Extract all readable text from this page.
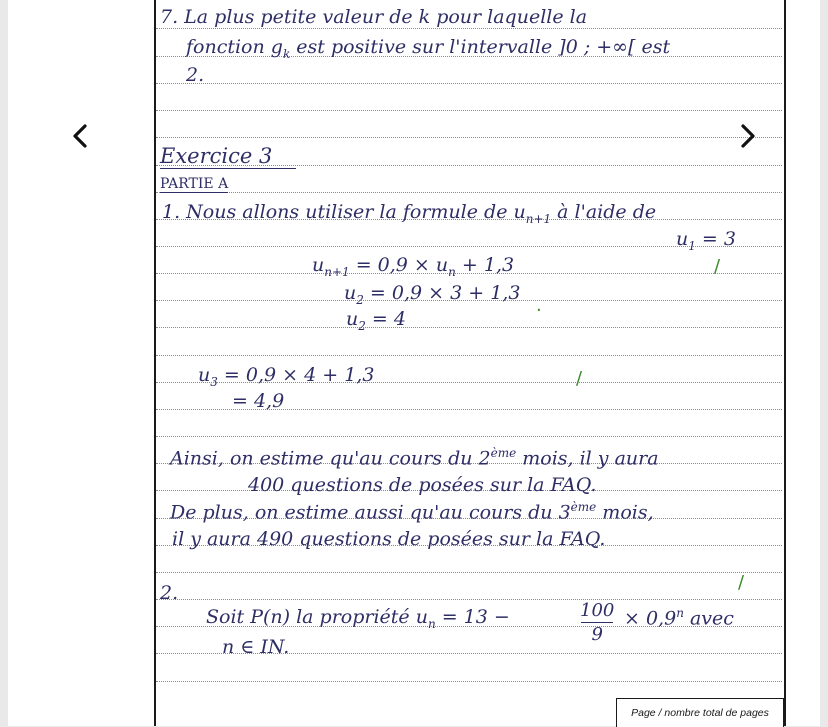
7. La plus petite valeur de k pour laquelle la
fonction $g_k$ est positive sur l'intervalle ]0 ; +∞[ est
2.
Exercice 3
PARTIE A
1. Nous allons utiliser la formule de $u_{n+1}$ à l'aide de
$u_1 = 3$
/
$u_{n+1} = 0,9 \times u_n + 1,3$
$u_2 = 0,9 \times 3 + 1,3$
$u_2 = 4$	·
$u_3 = 0,9 \times 4 + 1,3$
= 4,9
/
Ainsi, on estime qu'au cours du 2ème mois, il y aura
400 questions de posées sur la FAQ.
De plus, on estime aussi qu'au cours du 3ème mois,
il y aura 490 questions de posées sur la FAQ.
2.	/
Soit P(n) la propriété $u_n = 13$ −	100
9
× $0,9^n$ avec
n ∈ IN.
Page / nombre total de pages
